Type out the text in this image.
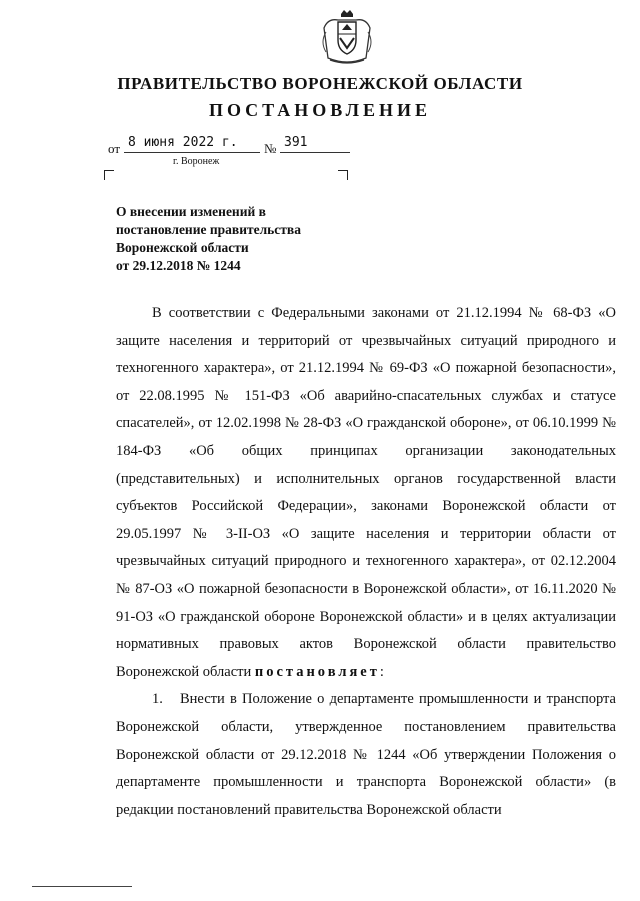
ПРАВИТЕЛЬСТВО ВОРОНЕЖСКОЙ ОБЛАСТИ
ПОСТАНОВЛЕНИЕ
от 8 июня 2022 г. № 391
г. Воронеж
О внесении изменений в
постановление правительства
Воронежской области
от 29.12.2018 № 1244

В соответствии с Федеральными законами от 21.12.1994 № 68-ФЗ «О защите населения и территорий от чрезвычайных ситуаций природного и техногенного характера», от 21.12.1994 № 69-ФЗ «О пожарной безопасности», от 22.08.1995 № 151-ФЗ «Об аварийно-спасательных службах и статусе спасателей», от 12.02.1998 № 28-ФЗ «О гражданской обороне», от 06.10.1999 № 184-ФЗ «Об общих принципах организации законодательных (представительных) и исполнительных органов государственной власти субъектов Российской Федерации», законами Воронежской области от 29.05.1997 № 3-II-ОЗ «О защите населения и территории области от чрезвычайных ситуаций природного и техногенного характера», от 02.12.2004 № 87-ОЗ «О пожарной безопасности в Воронежской области», от 16.11.2020 № 91-ОЗ «О гражданской обороне Воронежской области» и в целях актуализации нормативных правовых актов Воронежской области правительство Воронежской области постановляет:

1. Внести в Положение о департаменте промышленности и транспорта Воронежской области, утвержденное постановлением правительства Воронежской области от 29.12.2018 № 1244 «Об утверждении Положения о департаменте промышленности и транспорта Воронежской области» (в редакции постановлений правительства Воронежской области
